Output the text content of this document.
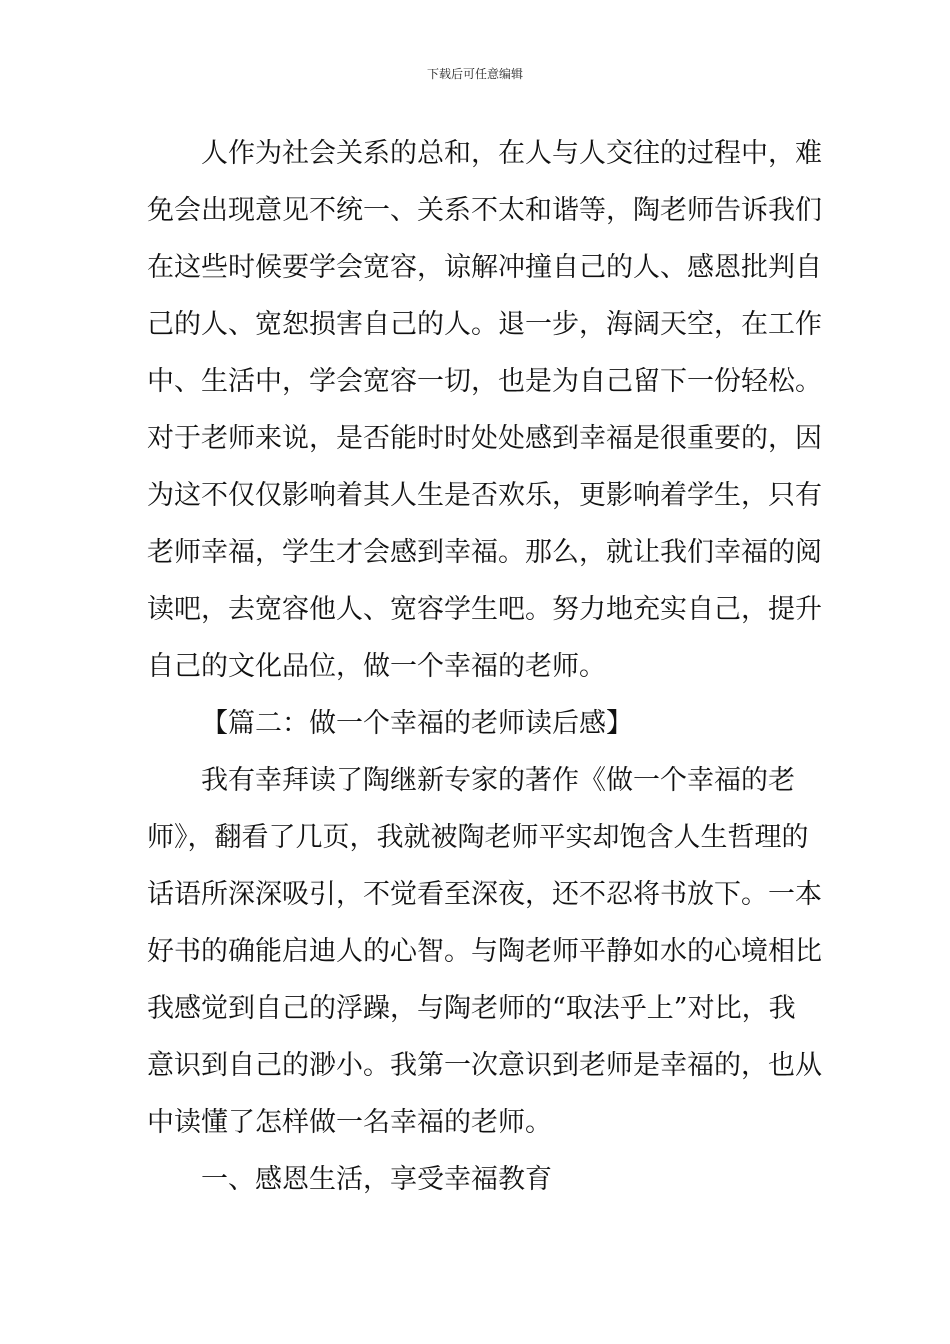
下载后可任意编辑
人作为社会关系的总和，在人与人交往的过程中，难
免会出现意见不统一、关系不太和谐等，陶老师告诉我们
在这些时候要学会宽容，谅解冲撞自己的人、感恩批判自
己的人、宽恕损害自己的人。退一步，海阔天空，在工作
中、生活中，学会宽容一切，也是为自己留下一份轻松。
对于老师来说，是否能时时处处感到幸福是很重要的，因
为这不仅仅影响着其人生是否欢乐，更影响着学生，只有
老师幸福，学生才会感到幸福。那么，就让我们幸福的阅
读吧，去宽容他人、宽容学生吧。努力地充实自己，提升
自己的文化品位，做一个幸福的老师。
【篇二：做一个幸福的老师读后感】
我有幸拜读了陶继新专家的著作《做一个幸福的老
师》，翻看了几页，我就被陶老师平实却饱含人生哲理的
话语所深深吸引，不觉看至深夜，还不忍将书放下。一本
好书的确能启迪人的心智。与陶老师平静如水的心境相比
我感觉到自己的浮躁，与陶老师的“取法乎上”对比，我
意识到自己的渺小。我第一次意识到老师是幸福的，也从
中读懂了怎样做一名幸福的老师。
一、感恩生活，享受幸福教育
